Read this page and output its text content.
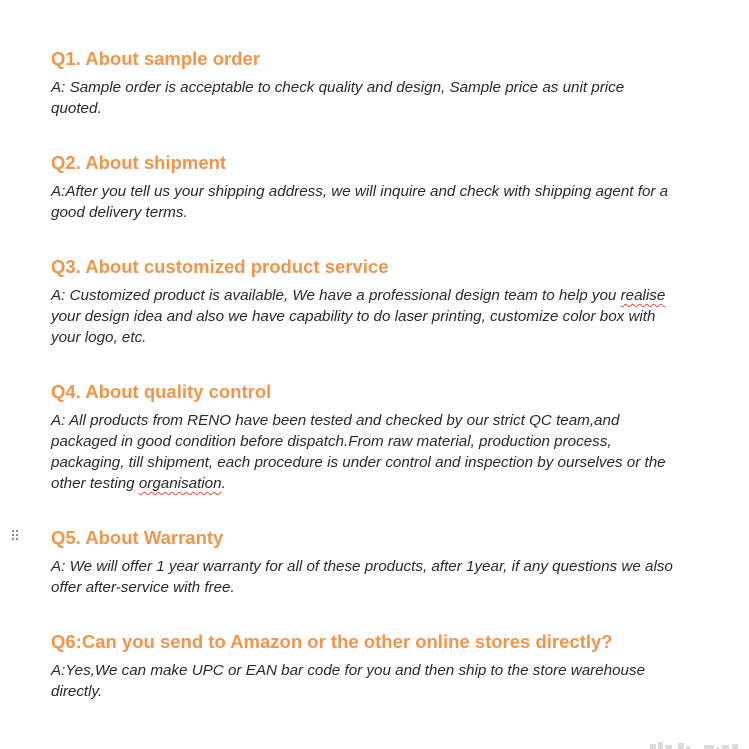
⠿
Q1. About sample order

A: Sample order is acceptable to check quality and design, Sample price as unit price
quoted.

Q2. About shipment

A:After you tell us your shipping address, we will inquire and check with shipping agent for a
good delivery terms.

Q3. About customized product service

A: Customized product is available, We have a professional design team to help you realise
your design idea and also we have capability to do laser printing, customize color box with
your logo, etc.

Q4. About quality control

A: All products from RENO have been tested and checked by our strict QC team,and
packaged in good condition before dispatch.From raw material, production process,
packaging, till shipment, each procedure is under control and inspection by ourselves or the
other testing organisation.

Q5. About Warranty

A: We will offer 1 year warranty for all of these products, after 1year, if any questions we also
offer after-service with free.

Q6:Can you send to Amazon or the other online stores directly?

A:Yes,We can make UPC or EAN bar code for you and then ship to the store warehouse
directly.
